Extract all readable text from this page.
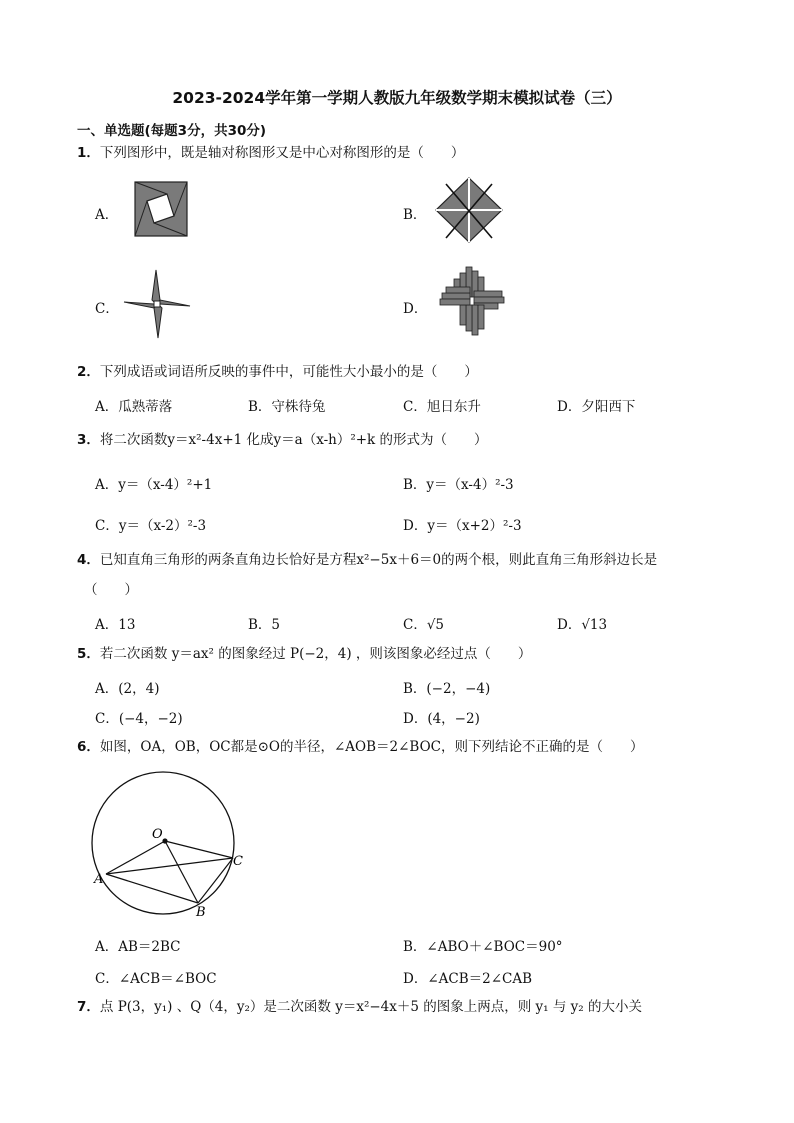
2023-2024学年第一学期人教版九年级数学期末模拟试卷（三）
一、单选题(每题3分，共30分)
1．下列图形中，既是轴对称图形又是中心对称图形的是（　　）
A．	B．
C．	D．
2．下列成语或词语所反映的事件中，可能性大小最小的是（　　）
A．瓜熟蒂落	B．守株待兔	C．旭日东升	D．夕阳西下
3．将二次函数y＝x²-4x+1 化成y＝a（x-h）²+k 的形式为（　　）
A．y＝（x-4）²+1	B．y＝（x-4）²-3
C．y＝（x-2）²-3	D．y＝（x+2）²-3
4．已知直角三角形的两条直角边长恰好是方程x²−5x＋6＝0的两个根，则此直角三角形斜边长是
（　　）
A．13	B．5	C．√5	D．√13
5．若二次函数 y＝ax² 的图象经过 P(−2，4) ，则该图象必经过点（　　）
A．(2，4)	B．(−2，−4)
C．(−4，−2)	D．(4，−2)
6．如图，OA，OB，OC都是⊙O的半径，∠AOB＝2∠BOC，则下列结论不正确的是（　　）
O
A
B
C
A．AB＝2BC	B．∠ABO＋∠BOC＝90°
C．∠ACB＝∠BOC	D．∠ACB＝2∠CAB
7．点 P(3，y₁) 、Q（4，y₂）是二次函数 y＝x²−4x＋5 的图象上两点，则 y₁ 与 y₂ 的大小关
